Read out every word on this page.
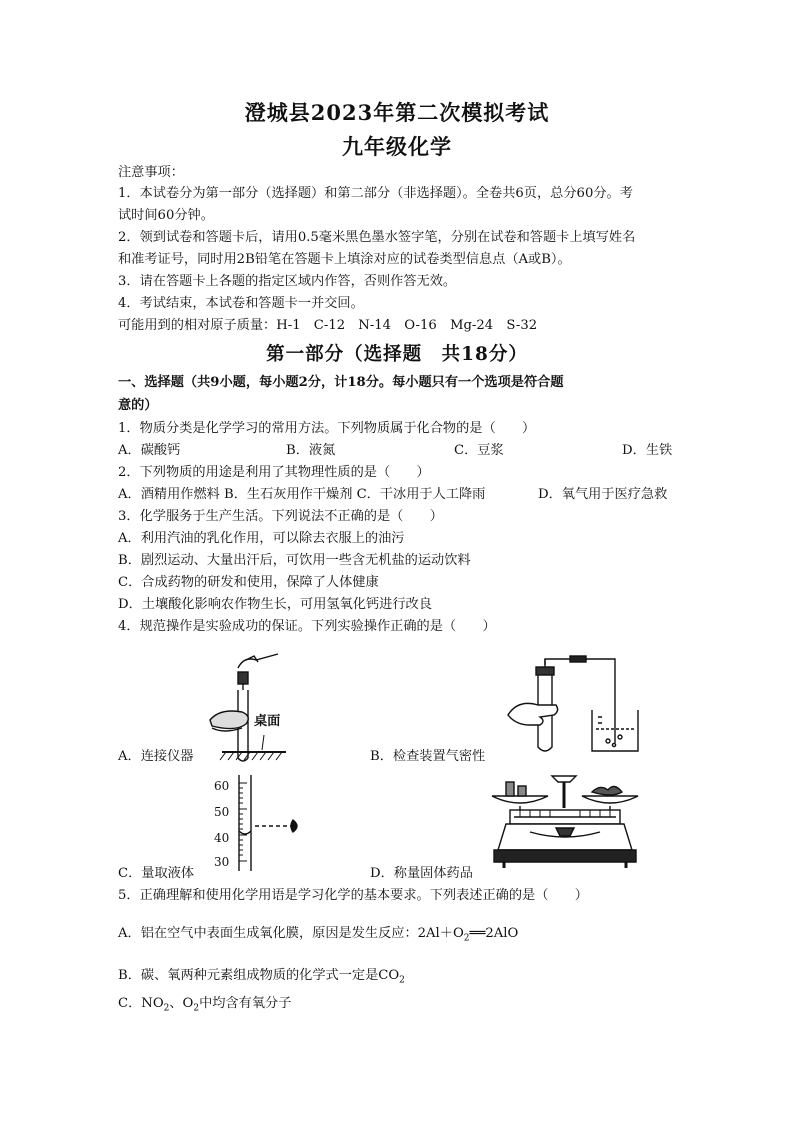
澄城县2023年第二次模拟考试
九年级化学
注意事项：
1．本试卷分为第一部分（选择题）和第二部分（非选择题）。全卷共6页，总分60分。考
试时间60分钟。
2．领到试卷和答题卡后，请用0.5毫米黑色墨水签字笔，分别在试卷和答题卡上填写姓名
和准考证号，同时用2B铅笔在答题卡上填涂对应的试卷类型信息点（A或B）。
3．请在答题卡上各题的指定区域内作答，否则作答无效。
4．考试结束，本试卷和答题卡一并交回。
可能用到的相对原子质量：H-1　C-12　N-14　O-16　Mg-24　S-32
第一部分（选择题　共18分）
一、选择题（共9小题，每小题2分，计18分。每小题只有一个选项是符合题
意的）
1．物质分类是化学学习的常用方法。下列物质属于化合物的是（　　）
A．碳酸钙	B．液氮	C．豆浆	D．生铁
2．下列物质的用途是利用了其物理性质的是（　　）
A．酒精用作燃料 B．生石灰用作干燥剂 C．干冰用于人工降雨	D．氧气用于医疗急救
3．化学服务于生产生活。下列说法不正确的是（　　）
A．利用汽油的乳化作用，可以除去衣服上的油污
B．剧烈运动、大量出汗后，可饮用一些含无机盐的运动饮料
C．合成药物的研发和使用，保障了人体健康
D．土壤酸化影响农作物生长，可用氢氧化钙进行改良
4．规范操作是实验成功的保证。下列实验操作正确的是（　　）
桌面
A．连接仪器	B．检查装置气密性
60
50
40
30
C．量取液体	D．称量固体药品
5．正确理解和使用化学用语是学习化学的基本要求。下列表述正确的是（　　）
A．铝在空气中表面生成氧化膜，原因是发生反应：$2Al+O_2══2AlO$
B．碳、氧两种元素组成物质的化学式一定是$CO_2$
C．$NO_2$、$O_2$中均含有氧分子
